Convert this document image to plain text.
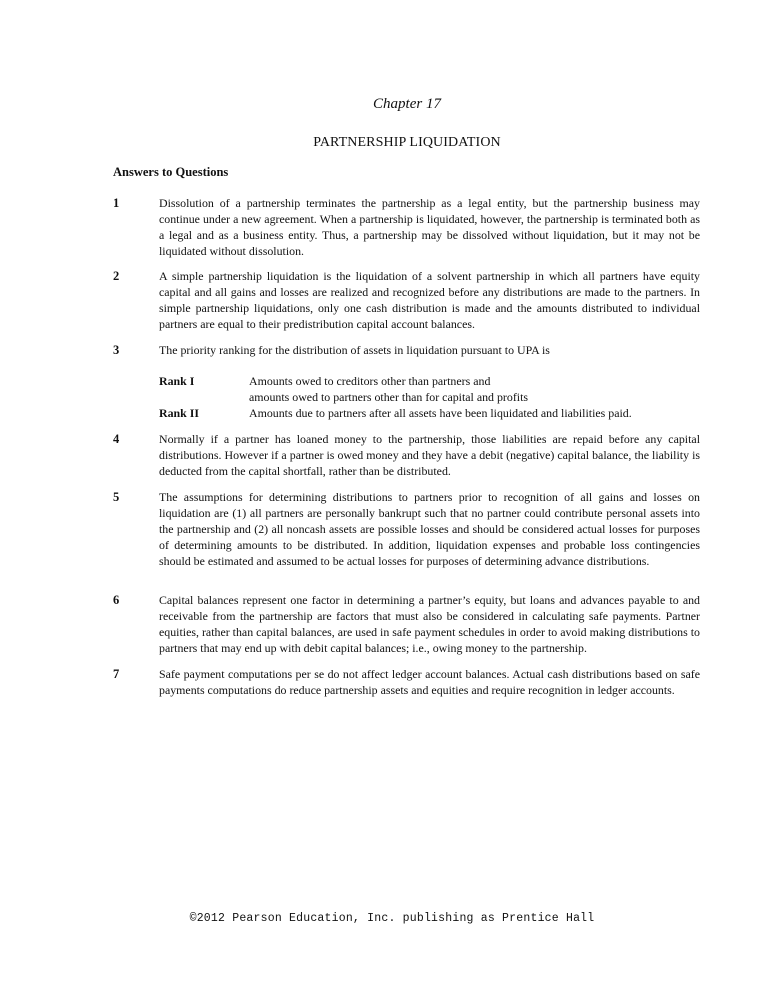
Chapter 17
PARTNERSHIP LIQUIDATION
Answers to Questions
1	Dissolution of a partnership terminates the partnership as a legal entity, but the partnership business may continue under a new agreement. When a partnership is liquidated, however, the partnership is terminated both as a legal and as a business entity. Thus, a partnership may be dissolved without liquidation, but it may not be liquidated without dissolution.
2	A simple partnership liquidation is the liquidation of a solvent partnership in which all partners have equity capital and all gains and losses are realized and recognized before any distributions are made to the partners. In simple partnership liquidations, only one cash distribution is made and the amounts distributed to individual partners are equal to their predistribution capital account balances.
3	The priority ranking for the distribution of assets in liquidation pursuant to UPA is
Rank I	Amounts owed to creditors other than partners and
amounts owed to partners other than for capital and profits
Rank II	Amounts due to partners after all assets have been liquidated and liabilities paid.
4	Normally if a partner has loaned money to the partnership, those liabilities are repaid before any capital distributions. However if a partner is owed money and they have a debit (negative) capital balance, the liability is deducted from the capital shortfall, rather than be distributed.
5	The assumptions for determining distributions to partners prior to recognition of all gains and losses on liquidation are (1) all partners are personally bankrupt such that no partner could contribute personal assets into the partnership and (2) all noncash assets are possible losses and should be considered actual losses for purposes of determining amounts to be distributed. In addition, liquidation expenses and probable loss contingencies should be estimated and assumed to be actual losses for purposes of determining advance distributions.
6	Capital balances represent one factor in determining a partner’s equity, but loans and advances payable to and receivable from the partnership are factors that must also be considered in calculating safe payments. Partner equities, rather than capital balances, are used in safe payment schedules in order to avoid making distributions to partners that may end up with debit capital balances; i.e., owing money to the partnership.
7	Safe payment computations per se do not affect ledger account balances. Actual cash distributions based on safe payments computations do reduce partnership assets and equities and require recognition in ledger accounts.
©2012 Pearson Education, Inc. publishing as Prentice Hall
